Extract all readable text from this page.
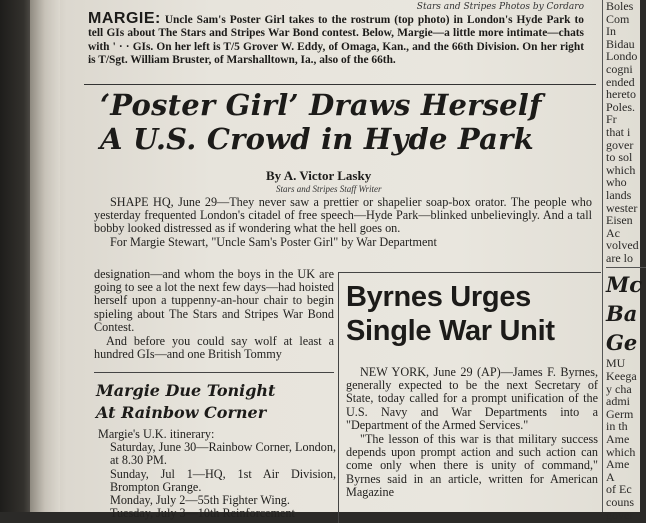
Stars and Stripes Photos by Cordaro
MARGIE: Uncle Sam's Poster Girl takes to the rostrum (top photo) in London's Hyde Park to tell GIs about The Stars and Stripes War Bond contest. Below, Margie—a little more intimate—chats with ' · · GIs. On her left is T/5 Grover W. Eddy, of Omaga, Kan., and the 66th Division. On her right is T/Sgt. William Bruster, of Marshalltown, Ia., also of the 66th.
‘Poster Girl’ Draws Herself
A U.S. Crowd in Hyde Park
By A. Victor Lasky
Stars and Stripes Staff Writer

SHAPE HQ, June 29—They never saw a prettier or shapelier soap-box orator. The people who yesterday frequented London's citadel of free speech—Hyde Park—blinked unbelievingly. And a tall bobby looked distressed as if wondering what the hell goes on.

For Margie Stewart, "Uncle Sam's Poster Girl" by War Department

designation—and whom the boys in the UK are going to see a lot the next few days—had hoisted herself upon a tuppenny-an-hour chair to begin spieling about The Stars and Stripes War Bond Contest.

And before you could say wolf at least a hundred GIs—and one British Tommy

Margie Due Tonight
At Rainbow Corner
Margie's U.K. itinerary:
Saturday, June 30—Rainbow Corner, London, at 8.30 PM.
Sunday, Jul 1—HQ, 1st Air Division, Brompton Grange.
Monday, July 2—55th Fighter Wing.
Tuesday, July 3—10th Reinforcement
Byrnes Urges
Single War Unit

NEW YORK, June 29 (AP)—James F. Byrnes, generally expected to be the next Secretary of State, today called for a prompt unification of the U.S. Navy and War Departments into a "Department of the Armed Services."

"The lesson of this war is that military success depends upon prompt action and such action can come only when there is unity of command," Byrnes said in an article, written for American Magazine

Boles
Com
In
Bidau
Londo
cogni
ended
hereto
Poles.
Fr
that i
gover
to sol
which
who
lands
wester
Eisen
Ac
volved
are lo
Mc
Ba
Ge
MU
Keega
y cha
admi
Germ
in th
Ame
which
Ame
A
of Ec
couns
gover
